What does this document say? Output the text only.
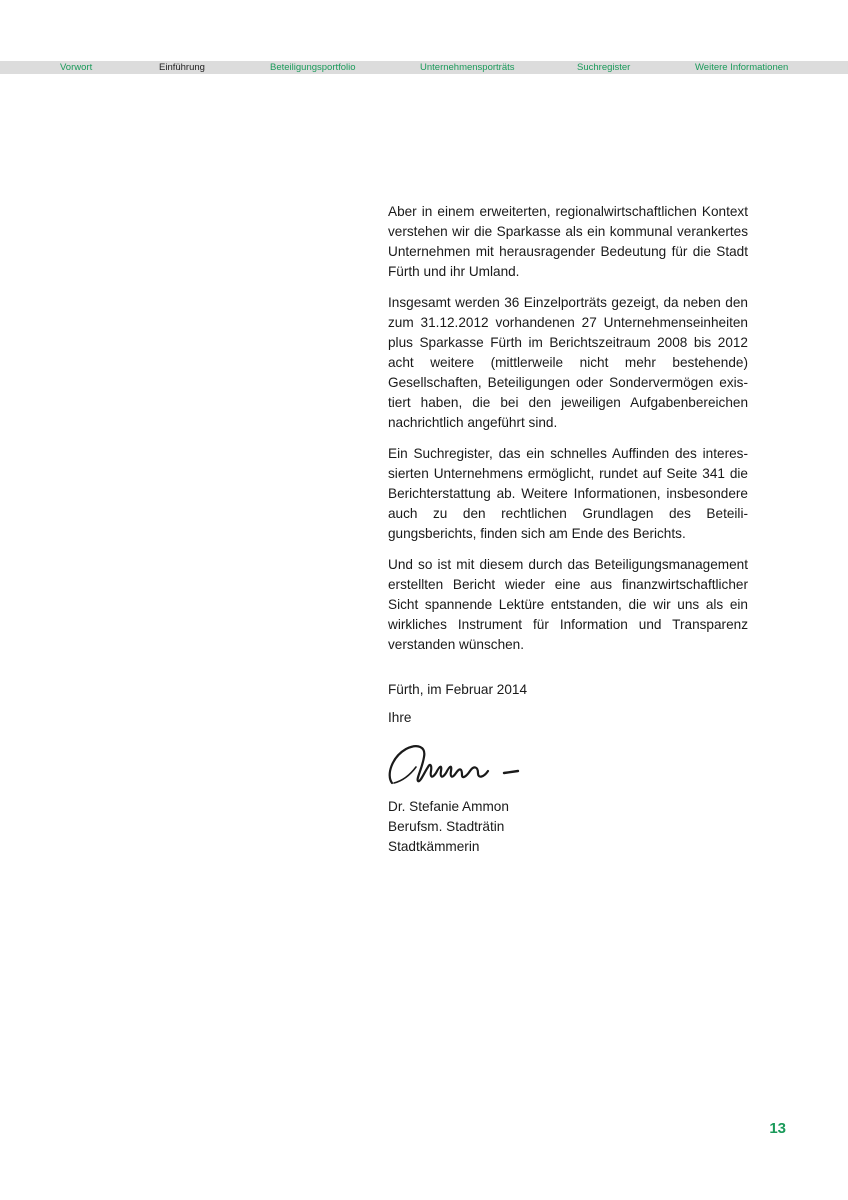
Vorwort	Einführung	Beteiligungsportfolio	Unternehmensporträts	Suchregister	Weitere Informationen

Aber in einem erweiterten, regionalwirtschaftlichen Kontext verstehen wir die Sparkasse als ein kommunal verankertes Unternehmen mit herausragender Bedeutung für die Stadt Fürth und ihr Umland.

Insgesamt werden 36 Einzelporträts gezeigt, da neben den zum 31.12.2012 vorhandenen 27 Unternehmenseinheiten plus Sparkasse Fürth im Berichtszeitraum 2008 bis 2012 acht weitere (mittlerweile nicht mehr bestehende) Gesellschaften, Beteiligungen oder Sondervermögen existiert haben, die bei den jeweiligen Aufgabenbereichen nachrichtlich angeführt sind.

Ein Suchregister, das ein schnelles Auffinden des interessierten Unternehmens ermöglicht, rundet auf Seite 341 die Berichterstattung ab. Weitere Informationen, insbesondere auch zu den rechtlichen Grundlagen des Beteiligungsberichts, finden sich am Ende des Berichts.

Und so ist mit diesem durch das Beteiligungsmanagement erstellten Bericht wieder eine aus finanzwirtschaftlicher Sicht spannende Lektüre entstanden, die wir uns als ein wirkliches Instrument für Information und Transparenz verstanden wünschen.

Fürth, im Februar 2014
Ihre
Dr. Stefanie Ammon
Berufsm. Stadträtin
Stadtkämmerin
13
